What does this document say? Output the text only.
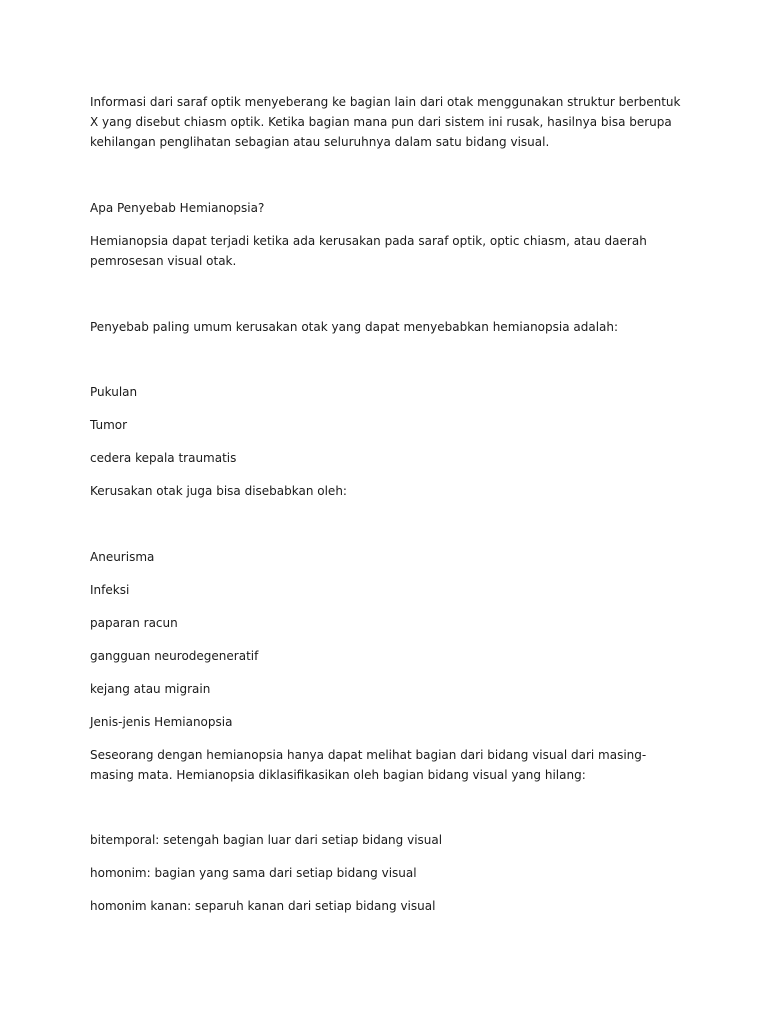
Informasi dari saraf optik menyeberang ke bagian lain dari otak menggunakan struktur berbentuk X yang disebut chiasm optik. Ketika bagian mana pun dari sistem ini rusak, hasilnya bisa berupa kehilangan penglihatan sebagian atau seluruhnya dalam satu bidang visual.

Apa Penyebab Hemianopsia?

Hemianopsia dapat terjadi ketika ada kerusakan pada saraf optik, optic chiasm, atau daerah pemrosesan visual otak.

Penyebab paling umum kerusakan otak yang dapat menyebabkan hemianopsia adalah:

Pukulan

Tumor

cedera kepala traumatis

Kerusakan otak juga bisa disebabkan oleh:

Aneurisma

Infeksi

paparan racun

gangguan neurodegeneratif

kejang atau migrain

Jenis-jenis Hemianopsia

Seseorang dengan hemianopsia hanya dapat melihat bagian dari bidang visual dari masing-masing mata. Hemianopsia diklasifikasikan oleh bagian bidang visual yang hilang:

bitemporal: setengah bagian luar dari setiap bidang visual

homonim: bagian yang sama dari setiap bidang visual

homonim kanan: separuh kanan dari setiap bidang visual
